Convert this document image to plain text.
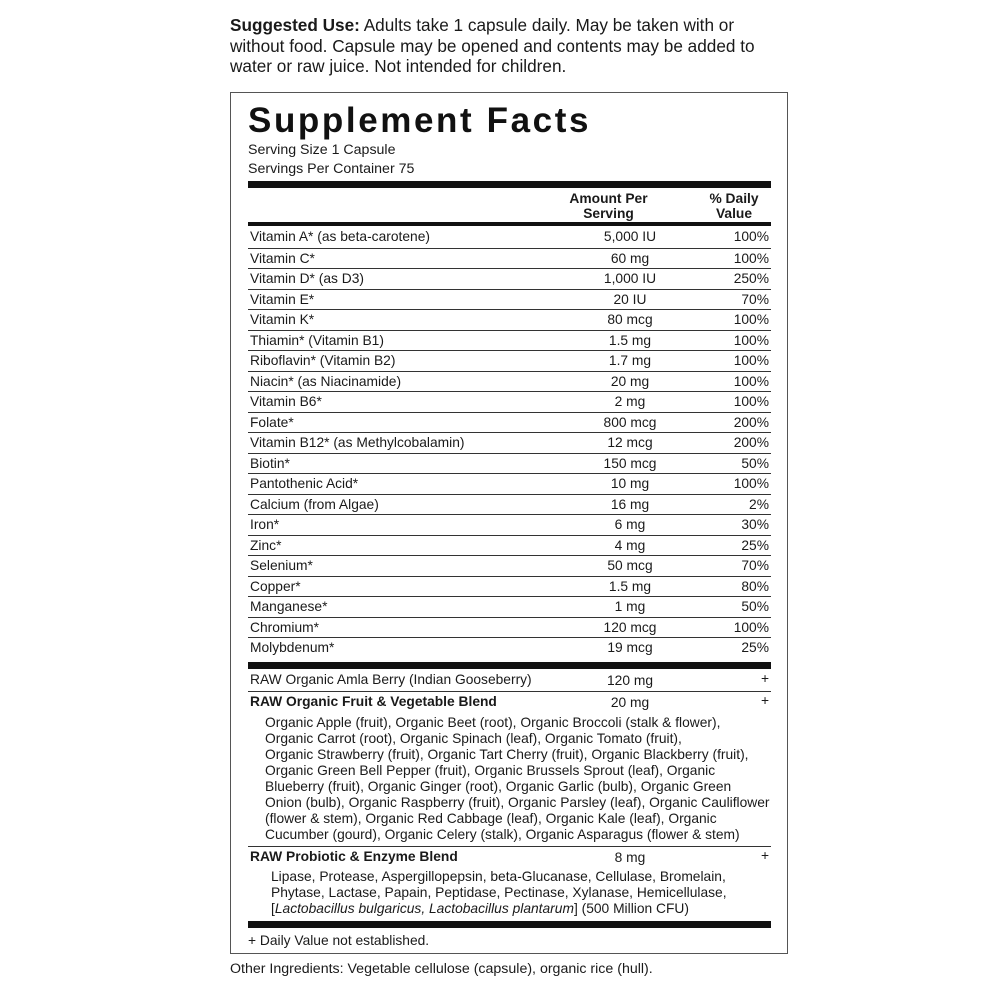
Suggested Use: Adults take 1 capsule daily. May be taken with or without food. Capsule may be opened and contents may be added to water or raw juice. Not intended for children.
Supplement Facts
Serving Size 1 Capsule
Servings Per Container 75
Amount Per Serving
% Daily Value
Vitamin A* (as beta-carotene)	5,000 IU	100%
Vitamin C*	60 mg	100%
Vitamin D* (as D3)	1,000 IU	250%
Vitamin E*	20 IU	70%
Vitamin K*	80 mcg	100%
Thiamin* (Vitamin B1)	1.5 mg	100%
Riboflavin* (Vitamin B2)	1.7 mg	100%
Niacin* (as Niacinamide)	20 mg	100%
Vitamin B6*	2 mg	100%
Folate*	800 mcg	200%
Vitamin B12* (as Methylcobalamin)	12 mcg	200%
Biotin*	150 mcg	50%
Pantothenic Acid*	10 mg	100%
Calcium (from Algae)	16 mg	2%
Iron*	6 mg	30%
Zinc*	4 mg	25%
Selenium*	50 mcg	70%
Copper*	1.5 mg	80%
Manganese*	1 mg	50%
Chromium*	120 mcg	100%
Molybdenum*	19 mcg	25%
RAW Organic Amla Berry (Indian Gooseberry)	120 mg	+
RAW Organic Fruit & Vegetable Blend	20 mg	+
Organic Apple (fruit), Organic Beet (root), Organic Broccoli (stalk & flower),
Organic Carrot (root), Organic Spinach (leaf), Organic Tomato (fruit),
Organic Strawberry (fruit), Organic Tart Cherry (fruit), Organic Blackberry (fruit),
Organic Green Bell Pepper (fruit), Organic Brussels Sprout (leaf), Organic
Blueberry (fruit), Organic Ginger (root), Organic Garlic (bulb), Organic Green
Onion (bulb), Organic Raspberry (fruit), Organic Parsley (leaf), Organic Cauliflower
(flower & stem), Organic Red Cabbage (leaf), Organic Kale (leaf), Organic
Cucumber (gourd), Organic Celery (stalk), Organic Asparagus (flower & stem)
RAW Probiotic & Enzyme Blend	8 mg	+
Lipase, Protease, Aspergillopepsin, beta-Glucanase, Cellulase, Bromelain,
Phytase, Lactase, Papain, Peptidase, Pectinase, Xylanase, Hemicellulase,
[Lactobacillus bulgaricus, Lactobacillus plantarum] (500 Million CFU)
+ Daily Value not established.
Other Ingredients: Vegetable cellulose (capsule), organic rice (hull).
